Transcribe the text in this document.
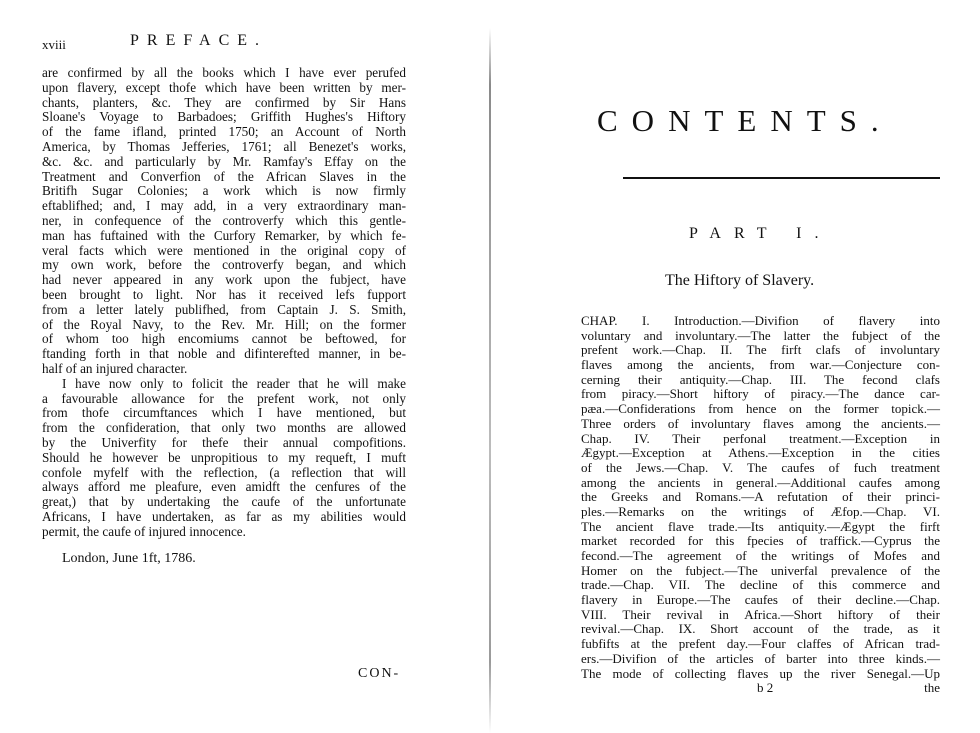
xviii	PREFACE.
are confirmed by all the books which I have ever perufed
upon flavery, except thofe which have been written by mer-
chants, planters, &c. They are confirmed by Sir Hans
Sloane's Voyage to Barbadoes; Griffith Hughes's Hiftory
of the fame ifland, printed 1750; an Account of North
America, by Thomas Jefferies, 1761; all Benezet's works,
&c. &c. and particularly by Mr. Ramfay's Effay on the
Treatment and Converfion of the African Slaves in the
Britifh Sugar Colonies; a work which is now firmly
eftablifhed; and, I may add, in a very extraordinary man-
ner, in confequence of the controverfy which this gentle-
man has fuftained with the Curfory Remarker, by which fe-
veral facts which were mentioned in the original copy of
my own work, before the controverfy began, and which
had never appeared in any work upon the fubject, have
been brought to light. Nor has it received lefs fupport
from a letter lately publifhed, from Captain J. S. Smith,
of the Royal Navy, to the Rev. Mr. Hill; on the former
of whom too high encomiums cannot be beftowed, for
ftanding forth in that noble and difinterefted manner, in be-
half of an injured character.
I have now only to folicit the reader that he will make
a favourable allowance for the prefent work, not only
from thofe circumftances which I have mentioned, but
from the confideration, that only two months are allowed
by the Univerfity for thefe their annual compofitions.
Should he however be unpropitious to my requeft, I muft
confole myfelf with the reflection, (a reflection that will
always afford me pleafure, even amidft the cenfures of the
great,) that by undertaking the caufe of the unfortunate
Africans, I have undertaken, as far as my abilities would
permit, the caufe of injured innocence.
London, June 1ft, 1786.
CON-
CONTENTS.
PART I.
The Hiftory of Slavery.
CHAP. I. Introduction.—Divifion of flavery into
voluntary and involuntary.—The latter the fubject of the
prefent work.—Chap. II. The firft clafs of involuntary
flaves among the ancients, from war.—Conjecture con-
cerning their antiquity.—Chap. III. The fecond clafs
from piracy.—Short hiftory of piracy.—The dance car-
pæa.—Confiderations from hence on the former topick.—
Three orders of involuntary flaves among the ancients.—
Chap. IV. Their perfonal treatment.—Exception in
Ægypt.—Exception at Athens.—Exception in the cities
of the Jews.—Chap. V. The caufes of fuch treatment
among the ancients in general.—Additional caufes among
the Greeks and Romans.—A refutation of their princi-
ples.—Remarks on the writings of Æfop.—Chap. VI.
The ancient flave trade.—Its antiquity.—Ægypt the firft
market recorded for this fpecies of traffick.—Cyprus the
fecond.—The agreement of the writings of Mofes and
Homer on the fubject.—The univerfal prevalence of the
trade.—Chap. VII. The decline of this commerce and
flavery in Europe.—The caufes of their decline.—Chap.
VIII. Their revival in Africa.—Short hiftory of their
revival.—Chap. IX. Short account of the trade, as it
fubfifts at the prefent day.—Four claffes of African trad-
ers.—Divifion of the articles of barter into three kinds.—
The mode of collecting flaves up the river Senegal.—Up
b 2	the
